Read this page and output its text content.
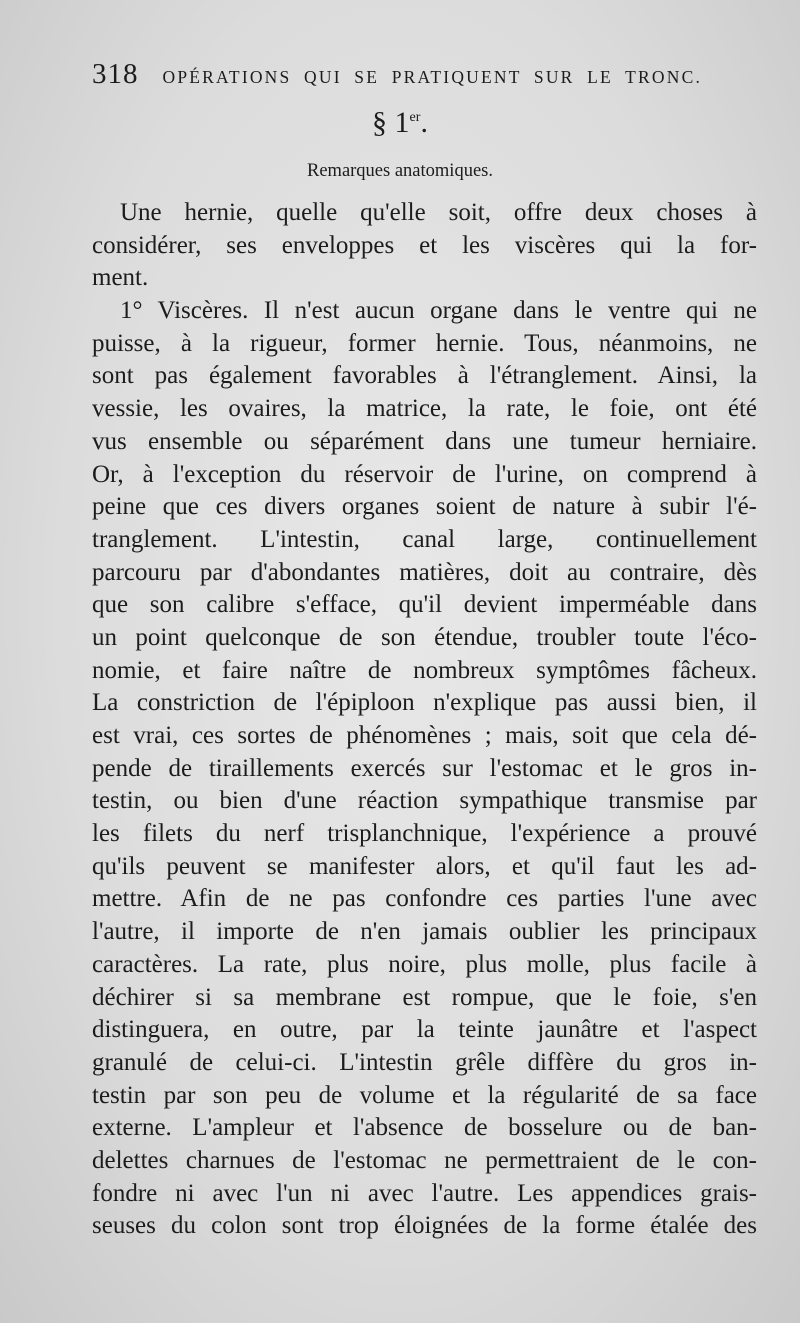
318 OPÉRATIONS QUI SE PRATIQUENT SUR LE TRONC.
§ 1er.
Remarques anatomiques.
Une hernie, quelle qu'elle soit, offre deux choses à
considérer, ses enveloppes et les viscères qui la for-
ment.
1° Viscères. Il n'est aucun organe dans le ventre qui ne
puisse, à la rigueur, former hernie. Tous, néanmoins, ne
sont pas également favorables à l'étranglement. Ainsi, la
vessie, les ovaires, la matrice, la rate, le foie, ont été
vus ensemble ou séparément dans une tumeur herniaire.
Or, à l'exception du réservoir de l'urine, on comprend à
peine que ces divers organes soient de nature à subir l'é-
tranglement. L'intestin, canal large, continuellement
parcouru par d'abondantes matières, doit au contraire, dès
que son calibre s'efface, qu'il devient imperméable dans
un point quelconque de son étendue, troubler toute l'éco-
nomie, et faire naître de nombreux symptômes fâcheux.
La constriction de l'épiploon n'explique pas aussi bien, il
est vrai, ces sortes de phénomènes ; mais, soit que cela dé-
pende de tiraillements exercés sur l'estomac et le gros in-
testin, ou bien d'une réaction sympathique transmise par
les filets du nerf trisplanchnique, l'expérience a prouvé
qu'ils peuvent se manifester alors, et qu'il faut les ad-
mettre. Afin de ne pas confondre ces parties l'une avec
l'autre, il importe de n'en jamais oublier les principaux
caractères. La rate, plus noire, plus molle, plus facile à
déchirer si sa membrane est rompue, que le foie, s'en
distinguera, en outre, par la teinte jaunâtre et l'aspect
granulé de celui-ci. L'intestin grêle diffère du gros in-
testin par son peu de volume et la régularité de sa face
externe. L'ampleur et l'absence de bosselure ou de ban-
delettes charnues de l'estomac ne permettraient de le con-
fondre ni avec l'un ni avec l'autre. Les appendices grais-
seuses du colon sont trop éloignées de la forme étalée des
